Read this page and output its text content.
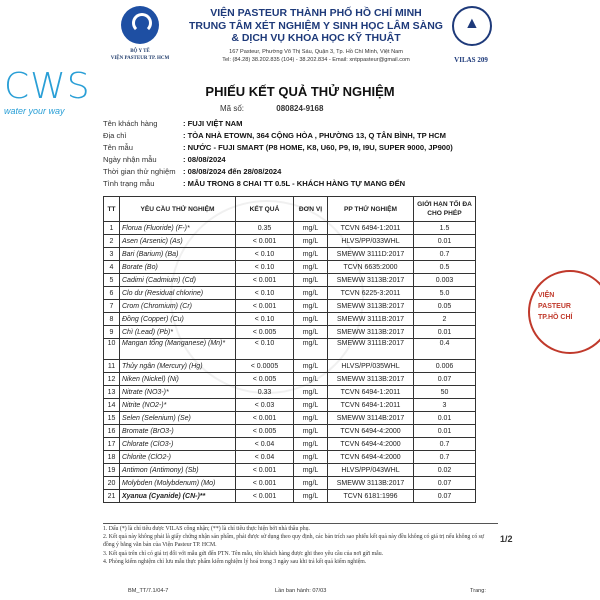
CWS
water your way
BỘ Y TẾ
VIỆN PASTEUR TP. HCM
VIỆN PASTEUR THÀNH PHỐ HỒ CHÍ MINH
TRUNG TÂM XÉT NGHIỆM Y SINH HỌC LÂM SÀNG
& DỊCH VỤ KHOA HỌC KỸ THUẬT
167 Pasteur, Phường Võ Thị Sáu, Quận 3, Tp. Hồ Chí Minh, Việt Nam
Tel: (84.28) 38.202.835 (104) - 38.202.834 - Email: xntppasteur@gmail.com
▲	VILAS 209
PHIẾU KẾT QUẢ THỬ NGHIỆM
Mã số:	080824-9168
Tên khách hàng	: FUJI VIỆT NAM
Địa chỉ	: TÒA NHÀ ETOWN, 364 CỘNG HÒA , PHƯỜNG 13, Q TÂN BÌNH, TP HCM
Tên mẫu	: NƯỚC - FUJI SMART (P8 HOME, K8, U60, P9, I9, I9U, SUPER 9000, JP900)
Ngày nhận mẫu	: 08/08/2024
Thời gian thử nghiệm : 08/08/2024 đến 28/08/2024
Tình trạng mẫu	: MẪU TRONG 8 CHAI TT 0.5L - KHÁCH HÀNG TỰ MANG ĐẾN
TT	YÊU CẦU THỬ NGHIỆM	KẾT QUẢ	ĐƠN VỊ	PP THỬ NGHIỆM	GIỚI HẠN TỐI ĐA CHO PHÉP
1	Florua (Fluoride) (F-)*	0.35	mg/L	TCVN 6494-1:2011	1.5
2	Asen (Arsenic) (As)	< 0.001	mg/L	HLVS/PP/033WHL	0.01
3	Bari (Barium) (Ba)	< 0.10	mg/L	SMEWW 3111D:2017	0.7
4	Borate (Bo)	< 0.10	mg/L	TCVN 6635:2000	0.5
5	Cadimi (Cadmium) (Cd)	< 0.001	mg/L	SMEWW 3113B:2017	0.003
6	Clo dư (Residual chlorine)	< 0.10	mg/L	TCVN 6225-3:2011	5.0
7	Crom (Chromium) (Cr)	< 0.001	mg/L	SMEWW 3113B:2017	0.05
8	Đồng (Copper) (Cu)	< 0.10	mg/L	SMEWW 3111B:2017	2
9	Chì (Lead) (Pb)*	< 0.005	mg/L	SMEWW 3113B:2017	0.01
10	Mangan tổng (Manganese) (Mn)*	< 0.10	mg/L	SMEWW 3111B:2017	0.4
11	Thủy ngân (Mercury) (Hg)	< 0.0005	mg/L	HLVS/PP/035WHL	0.006
12	Niken (Nickel) (Ni)	< 0.005	mg/L	SMEWW 3113B:2017	0.07
13	Nitrate (NO3-)*	0.33	mg/L	TCVN 6494-1:2011	50
14	Nitrite (NO2-)*	< 0.03	mg/L	TCVN 6494-1:2011	3
15	Selen (Selenium) (Se)	< 0.001	mg/L	SMEWW 3114B:2017	0.01
16	Bromate (BrO3-)	< 0.005	mg/L	TCVN 6494-4:2000	0.01
17	Chlorate (ClO3-)	< 0.04	mg/L	TCVN 6494-4:2000	0.7
18	Chlorite (ClO2-)	< 0.04	mg/L	TCVN 6494-4:2000	0.7
19	Antimon (Antimony) (Sb)	< 0.001	mg/L	HLVS/PP/043WHL	0.02
20	Molybden (Molybdenum) (Mo)	< 0.001	mg/L	SMEWW 3113B:2017	0.07
21	Xyanua (Cyanide) (CN-)**	< 0.001	mg/L	TCVN 6181:1996	0.07
VIỆN
PASTEUR
TP.HỒ CHÍ
1. Dấu (*) là chỉ tiêu được VILAS công nhận; (**) là chỉ tiêu thực hiện bởi nhà thầu phụ.
2. Kết quả này không phải là giấy chứng nhận sản phẩm, phải được sử dụng theo quy định, các bản trích sao phiếu kết quả này đều không có giá trị nếu không có sự đồng ý bằng văn bản của Viện Pasteur TP. HCM.
3. Kết quả trên chỉ có giá trị đối với mẫu gửi đến PTN. Tên mẫu, tên khách hàng được ghi theo yêu cầu của nơi gửi mẫu.
4. Phòng kiểm nghiệm chỉ lưu mẫu thực phẩm kiểm nghiệm lý hoá trong 3 ngày sau khi trả kết quả kiểm nghiệm.
1/2
BM_TT/7.1/04-7	Lần ban hành: 07/03	Trang:
